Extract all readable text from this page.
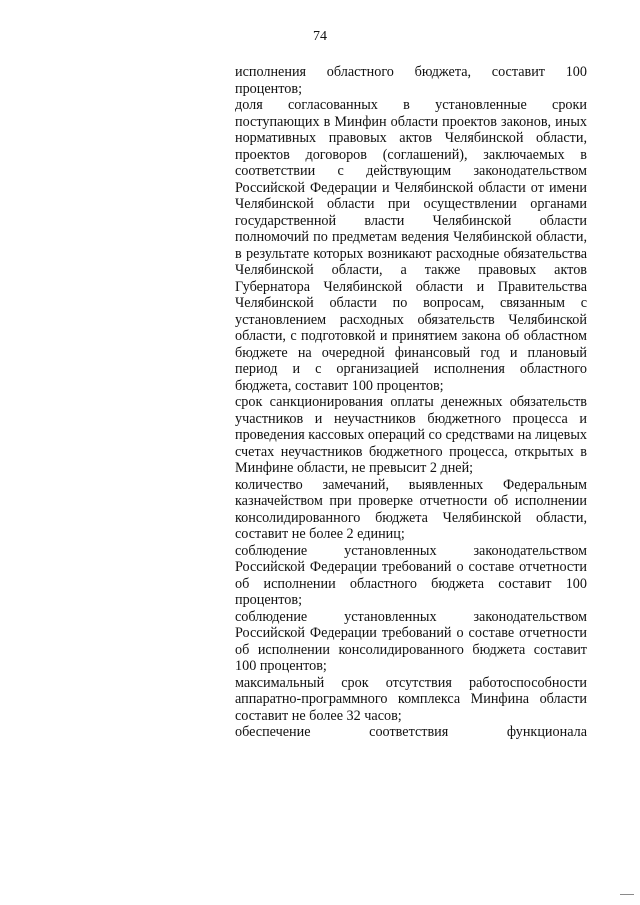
74

исполнения областного бюджета, составит 100 процентов;

доля согласованных в установленные сроки поступающих в Минфин области проектов законов, иных нормативных правовых актов Челябинской области, проектов договоров (соглашений), заключаемых в соответствии с действующим законодательством Российской Федерации и Челябинской области от имени Челябинской области при осуществлении органами государственной власти Челябинской области полномочий по предметам ведения Челябинской области, в результате которых возникают расходные обязательства Челябинской области, а также правовых актов Губернатора Челябинской области и Правительства Челябинской области по вопросам, связанным с установлением расходных обязательств Челябинской области, с подготовкой и принятием закона об областном бюджете на очередной финансовый год и плановый период и с организацией исполнения областного бюджета, составит 100 процентов;

срок санкционирования оплаты денежных обязательств участников и неучастников бюджетного процесса и проведения кассовых операций со средствами на лицевых счетах неучастников бюджетного процесса, открытых в Минфине области, не превысит 2 дней;

количество замечаний, выявленных Федеральным казначейством при проверке отчетности об исполнении консолидированного бюджета Челябинской области, составит не более 2 единиц;

соблюдение установленных законодательством Российской Федерации требований о составе отчетности об исполнении областного бюджета составит 100 процентов;

соблюдение установленных законодательством Российской Федерации требований о составе отчетности об исполнении консолидированного бюджета составит 100 процентов;

максимальный срок отсутствия работоспособности аппаратно-программного комплекса Минфина области составит не более 32 часов;

обеспечение соответствия функционала
